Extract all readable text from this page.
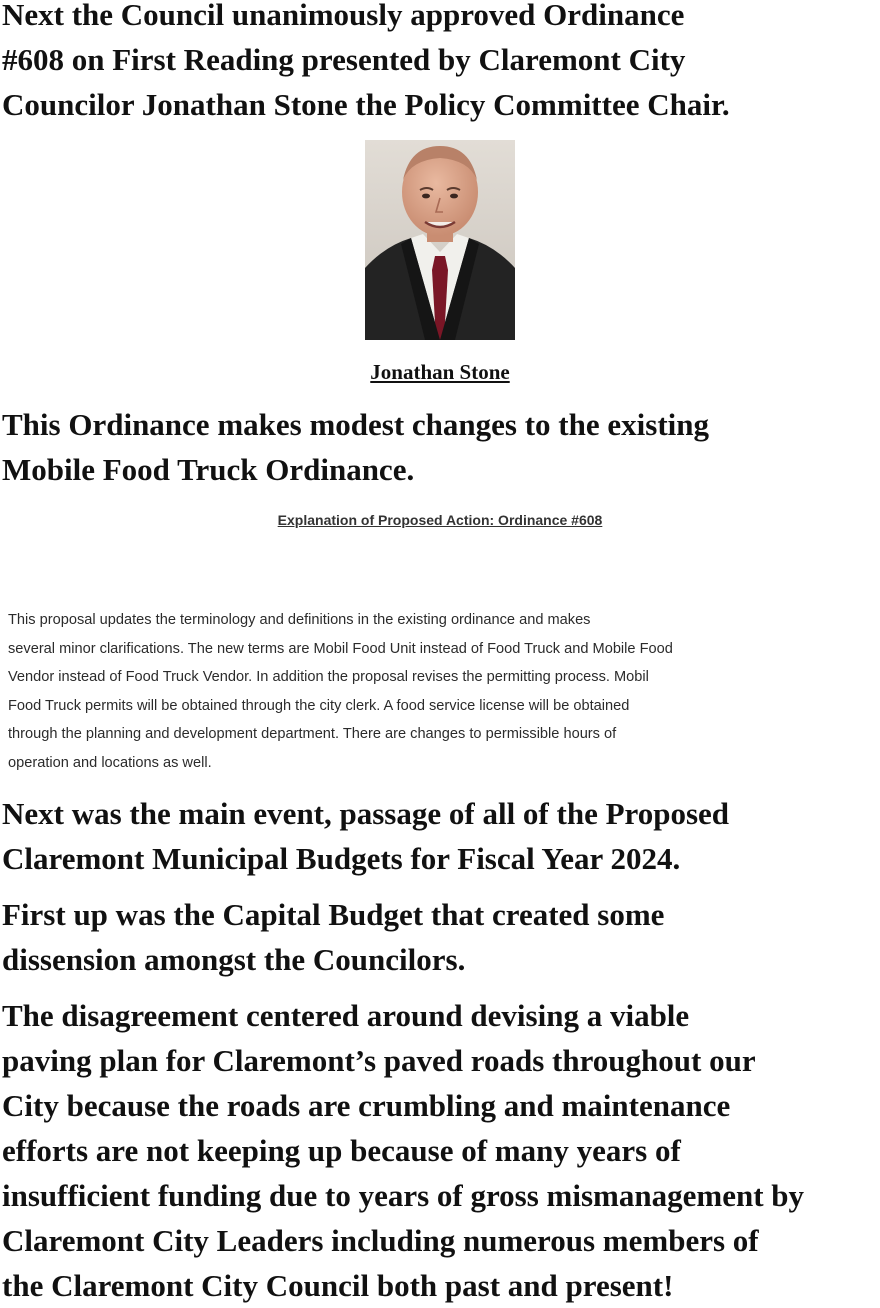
Next the Council unanimously approved Ordinance
#608 on First Reading presented by Claremont City
Councilor Jonathan Stone the Policy Committee Chair.

Jonathan Stone

This Ordinance makes modest changes to the existing
Mobile Food Truck Ordinance.

Explanation of Proposed Action: Ordinance #608

This proposal updates the terminology and definitions in the existing ordinance and makes
several minor clarifications. The new terms are Mobil Food Unit instead of Food Truck and Mobile Food
Vendor instead of Food Truck Vendor. In addition the proposal revises the permitting process. Mobil
Food Truck permits will be obtained through the city clerk. A food service license will be obtained
through the planning and development department. There are changes to permissible hours of
operation and locations as well.

Next was the main event, passage of all of the Proposed
Claremont Municipal Budgets for Fiscal Year 2024.

First up was the Capital Budget that created some
dissension amongst the Councilors.

The disagreement centered around devising a viable
paving plan for Claremont’s paved roads throughout our
City because the roads are crumbling and maintenance
efforts are not keeping up because of many years of
insufficient funding due to years of gross mismanagement by
Claremont City Leaders including numerous members of
the Claremont City Council both past and present!
